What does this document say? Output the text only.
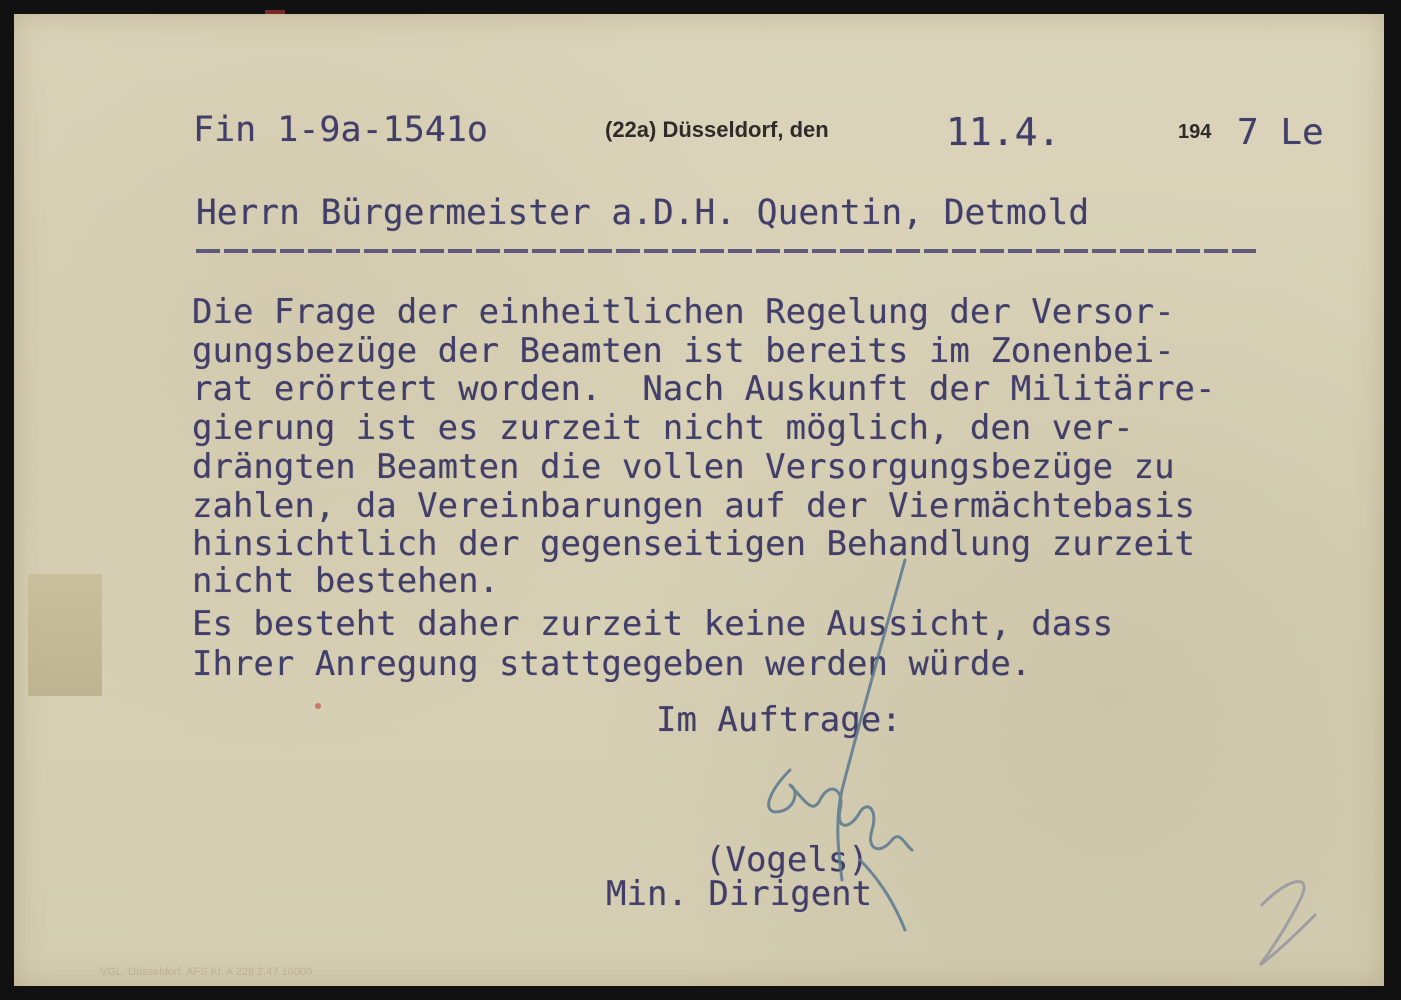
Fin 1-9a-1541o	(22a) Düsseldorf, den	11.4.	194 7 Le

Herrn Bürgermeister a.D.H. Quentin, Detmold

Die Frage der einheitlichen Regelung der Versor-

gungsbezüge der Beamten ist bereits im Zonenbei-

rat erörtert worden.  Nach Auskunft der Militärre-

gierung ist es zurzeit nicht möglich, den ver-

drängten Beamten die vollen Versorgungsbezüge zu

zahlen, da Vereinbarungen auf der Viermächtebasis

hinsichtlich der gegenseitigen Behandlung zurzeit

nicht bestehen.

Es besteht daher zurzeit keine Aussicht, dass

Ihrer Anregung stattgegeben werden würde.

Im Auftrage:

(Vogels)

Min. Dirigent

VGL. Düsseldorf. AFS Kl. A 228 2.47 10000
